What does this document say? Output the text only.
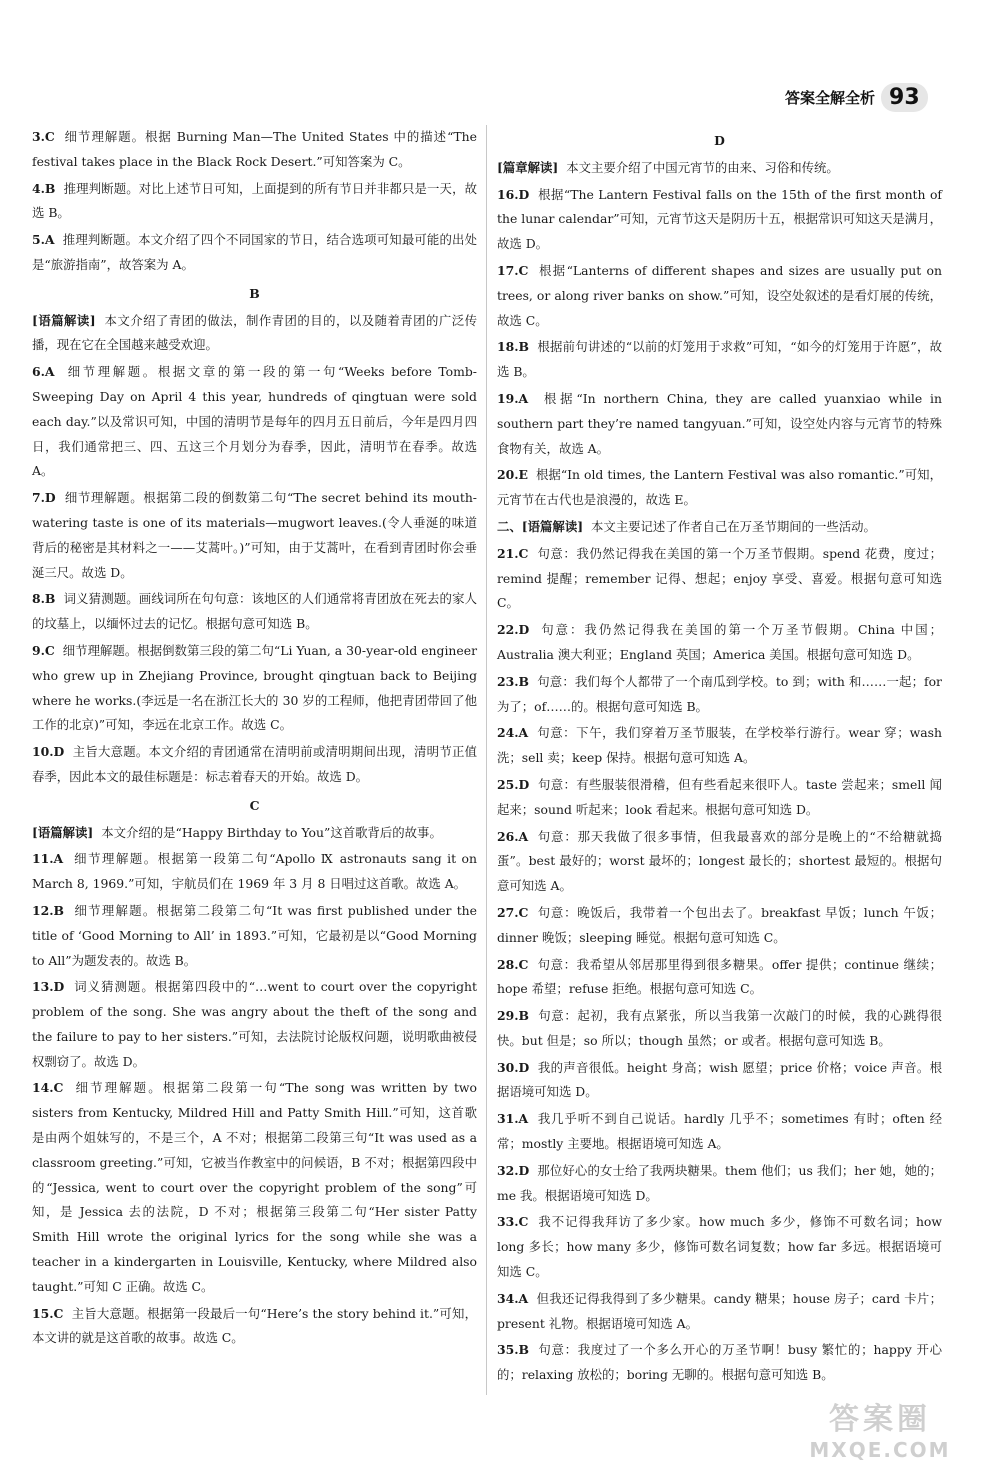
答案全解全析 93
3.C 细节理解题。根据 Burning Man—The United States 中的描述“The festival takes place in the Black Rock Desert.”可知答案为 C。
4.B 推理判断题。对比上述节日可知，上面提到的所有节日并非都只是一天，故选 B。
5.A 推理判断题。本文介绍了四个不同国家的节日，结合选项可知最可能的出处是“旅游指南”，故答案为 A。
B
[语篇解读] 本文介绍了青团的做法，制作青团的目的，以及随着青团的广泛传播，现在它在全国越来越受欢迎。
6.A 细节理解题。根据文章的第一段的第一句“Weeks before Tomb-Sweeping Day on April 4 this year, hundreds of qingtuan were sold each day.”以及常识可知，中国的清明节是每年的四月五日前后，今年是四月四日，我们通常把三、四、五这三个月划分为春季，因此，清明节在春季。故选 A。
7.D 细节理解题。根据第二段的倒数第二句“The secret behind its mouth-watering taste is one of its materials—mugwort leaves.(令人垂涎的味道背后的秘密是其材料之一——艾蒿叶。)”可知，由于艾蒿叶，在看到青团时你会垂涎三尺。故选 D。
8.B 词义猜测题。画线词所在句句意：该地区的人们通常将青团放在死去的家人的坟墓上，以缅怀过去的记忆。根据句意可知选 B。
9.C 细节理解题。根据倒数第三段的第二句“Li Yuan, a 30-year-old engineer who grew up in Zhejiang Province, brought qingtuan back to Beijing where he works.(李远是一名在浙江长大的 30 岁的工程师，他把青团带回了他工作的北京)”可知，李远在北京工作。故选 C。
10.D 主旨大意题。本文介绍的青团通常在清明前或清明期间出现，清明节正值春季，因此本文的最佳标题是：标志着春天的开始。故选 D。
C
[语篇解读] 本文介绍的是“Happy Birthday to You”这首歌背后的故事。
11.A 细节理解题。根据第一段第二句“Apollo Ⅸ astronauts sang it on March 8, 1969.”可知，宇航员们在 1969 年 3 月 8 日唱过这首歌。故选 A。
12.B 细节理解题。根据第二段第二句“It was first published under the title of ‘Good Morning to All’ in 1893.”可知，它最初是以“Good Morning to All”为题发表的。故选 B。
13.D 词义猜测题。根据第四段中的“…went to court over the copyright problem of the song. She was angry about the theft of the song and the failure to pay to her sisters.”可知，去法院讨论版权问题，说明歌曲被侵权剽窃了。故选 D。
14.C 细节理解题。根据第二段第一句“The song was written by two sisters from Kentucky, Mildred Hill and Patty Smith Hill.”可知，这首歌是由两个姐妹写的，不是三个，A 不对；根据第二段第三句“It was used as a classroom greeting.”可知，它被当作教室中的问候语，B 不对；根据第四段中的“Jessica, went to court over the copyright problem of the song”可知，是 Jessica 去的法院，D 不对；根据第三段第二句“Her sister Patty Smith Hill wrote the original lyrics for the song while she was a teacher in a kindergarten in Louisville, Kentucky, where Mildred also taught.”可知 C 正确。故选 C。
15.C 主旨大意题。根据第一段最后一句“Here’s the story behind it.”可知，本文讲的就是这首歌的故事。故选 C。
D
[篇章解读] 本文主要介绍了中国元宵节的由来、习俗和传统。
16.D 根据“The Lantern Festival falls on the 15th of the first month of the lunar calendar”可知，元宵节这天是阴历十五，根据常识可知这天是满月，故选 D。
17.C 根据“Lanterns of different shapes and sizes are usually put on trees, or along river banks on show.”可知，设空处叙述的是看灯展的传统，故选 C。
18.B 根据前句讲述的“以前的灯笼用于求救”可知，“如今的灯笼用于许愿”，故选 B。
19.A 根据“In northern China, they are called yuanxiao while in southern part they’re named tangyuan.”可知，设空处内容与元宵节的特殊食物有关，故选 A。
20.E 根据“In old times, the Lantern Festival was also romantic.”可知，元宵节在古代也是浪漫的，故选 E。
二、[语篇解读] 本文主要记述了作者自己在万圣节期间的一些活动。
21.C 句意：我仍然记得我在美国的第一个万圣节假期。spend 花费，度过；remind 提醒；remember 记得、想起；enjoy 享受、喜爱。根据句意可知选 C。
22.D 句意：我仍然记得我在美国的第一个万圣节假期。China 中国；Australia 澳大利亚；England 英国；America 美国。根据句意可知选 D。
23.B 句意：我们每个人都带了一个南瓜到学校。to 到；with 和……一起；for 为了；of……的。根据句意可知选 B。
24.A 句意：下午，我们穿着万圣节服装，在学校举行游行。wear 穿；wash 洗；sell 卖；keep 保持。根据句意可知选 A。
25.D 句意：有些服装很滑稽，但有些看起来很吓人。taste 尝起来；smell 闻起来；sound 听起来；look 看起来。根据句意可知选 D。
26.A 句意：那天我做了很多事情，但我最喜欢的部分是晚上的“不给糖就捣蛋”。best 最好的；worst 最坏的；longest 最长的；shortest 最短的。根据句意可知选 A。
27.C 句意：晚饭后，我带着一个包出去了。breakfast 早饭；lunch 午饭；dinner 晚饭；sleeping 睡觉。根据句意可知选 C。
28.C 句意：我希望从邻居那里得到很多糖果。offer 提供；continue 继续；hope 希望；refuse 拒绝。根据句意可知选 C。
29.B 句意：起初，我有点紧张，所以当我第一次敲门的时候，我的心跳得很快。but 但是；so 所以；though 虽然；or 或者。根据句意可知选 B。
30.D 我的声音很低。height 身高；wish 愿望；price 价格；voice 声音。根据语境可知选 D。
31.A 我几乎听不到自己说话。hardly 几乎不；sometimes 有时；often 经常；mostly 主要地。根据语境可知选 A。
32.D 那位好心的女士给了我两块糖果。them 他们；us 我们；her 她，她的；me 我。根据语境可知选 D。
33.C 我不记得我拜访了多少家。how much 多少，修饰不可数名词；how long 多长；how many 多少，修饰可数名词复数；how far 多远。根据语境可知选 C。
34.A 但我还记得我得到了多少糖果。candy 糖果；house 房子；card 卡片；present 礼物。根据语境可知选 A。
35.B 句意：我度过了一个多么开心的万圣节啊！busy 繁忙的；happy 开心的；relaxing 放松的；boring 无聊的。根据句意可知选 B。
答案圈
MXQE.COM
